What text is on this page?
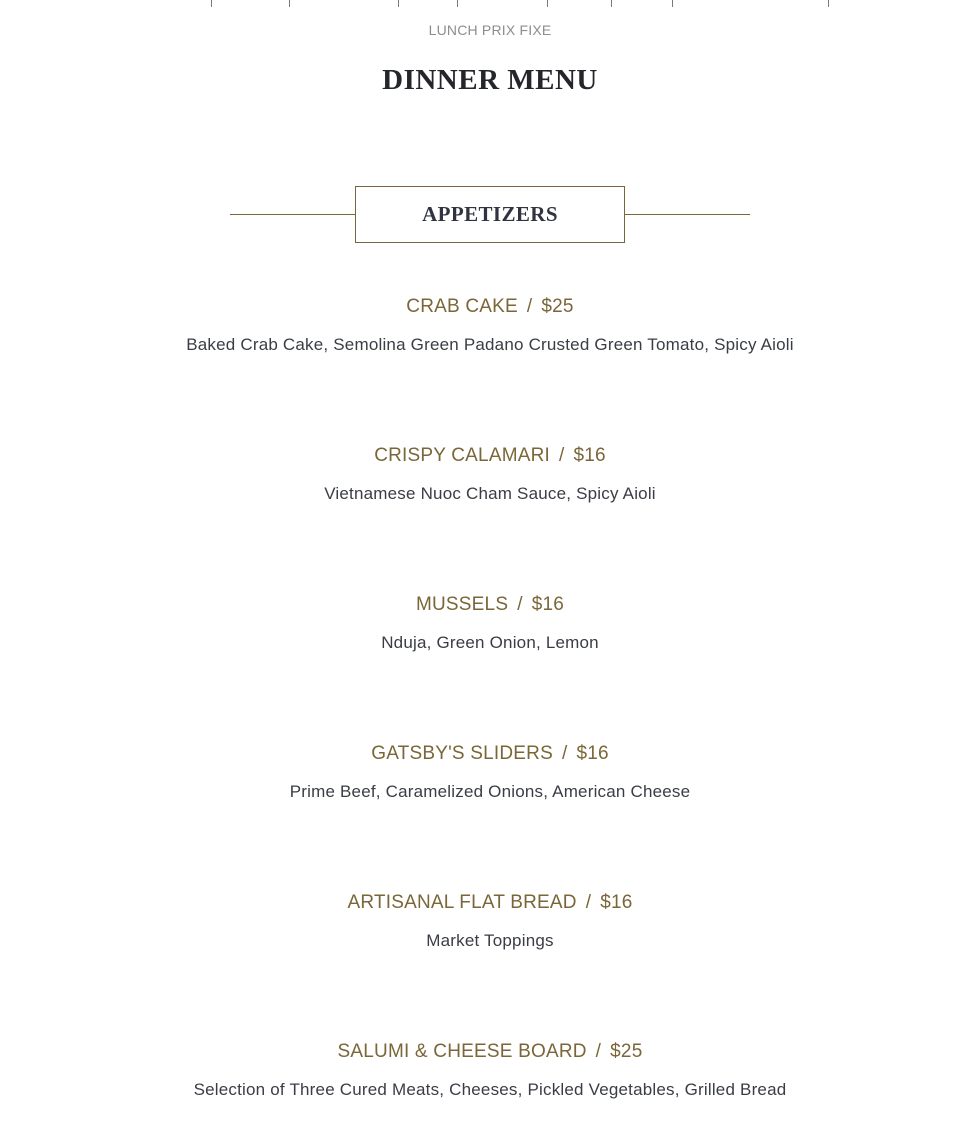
LUNCH PRIX FIXE
DINNER MENU
APPETIZERS
CRAB CAKE / $25
Baked Crab Cake, Semolina Green Padano Crusted Green Tomato, Spicy Aioli
CRISPY CALAMARI / $16
Vietnamese Nuoc Cham Sauce, Spicy Aioli
MUSSELS / $16
Nduja, Green Onion, Lemon
GATSBY'S SLIDERS / $16
Prime Beef, Caramelized Onions, American Cheese
ARTISANAL FLAT BREAD / $16
Market Toppings
SALUMI & CHEESE BOARD / $25
Selection of Three Cured Meats, Cheeses, Pickled Vegetables, Grilled Bread
